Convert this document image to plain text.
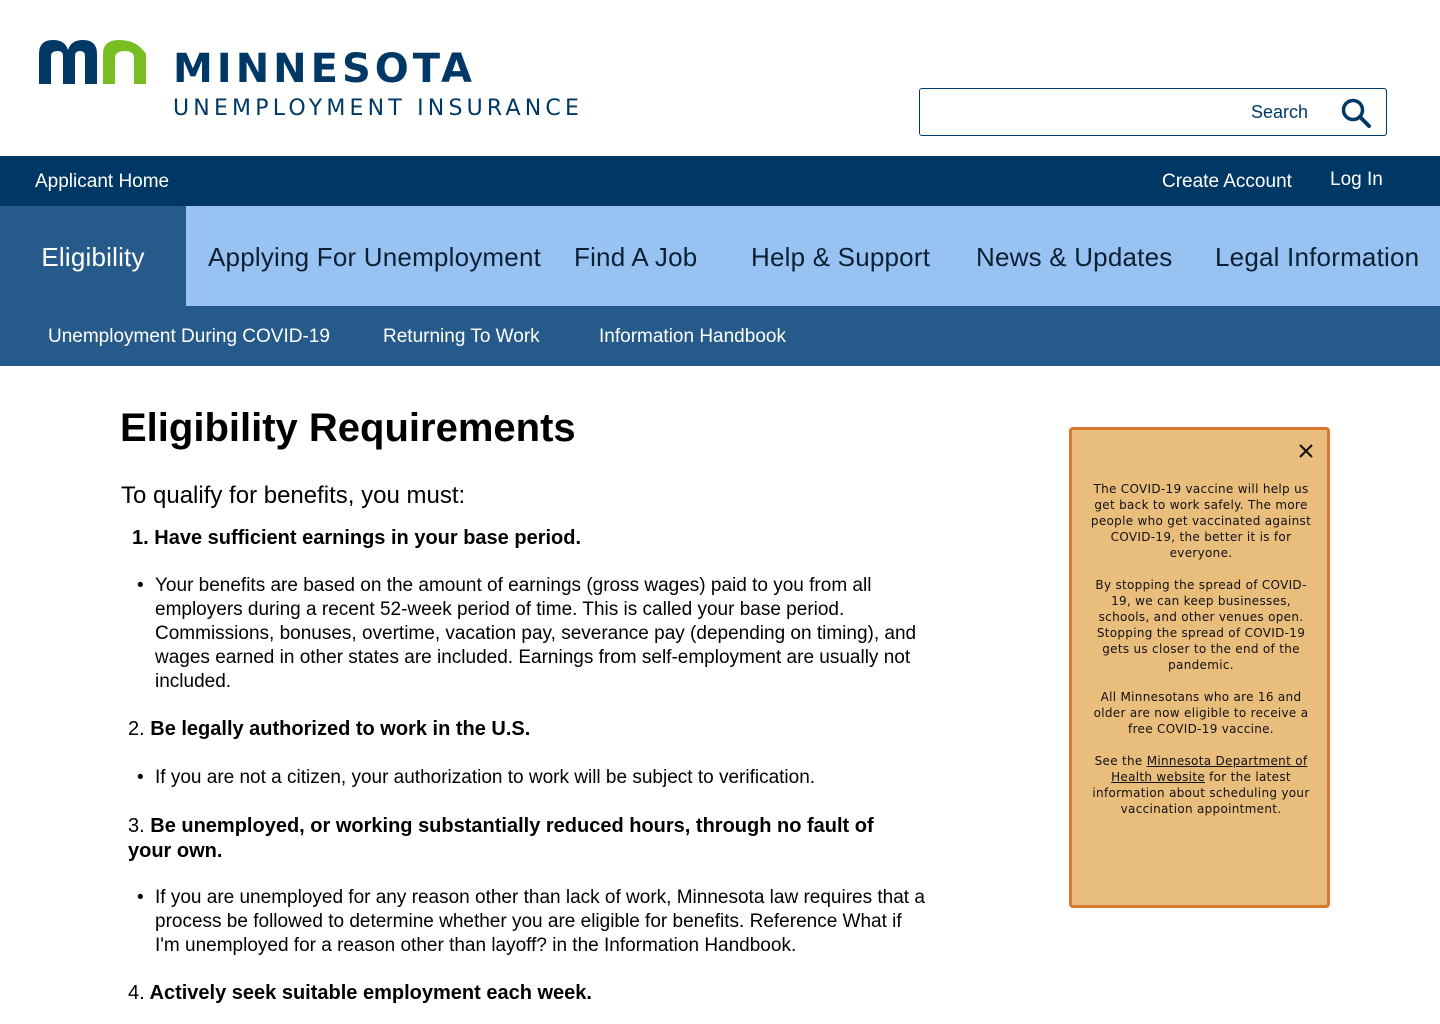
MINNESOTA
UNEMPLOYMENT INSURANCE
Search
Applicant Home	Create Account Log In
Eligibility	Applying For Unemployment Find A Job Help & Support News & Updates Legal Information
Unemployment During COVID-19	Returning To Work	Information Handbook
Eligibility Requirements
To qualify for benefits, you must:
1. Have sufficient earnings in your base period.
• Your benefits are based on the amount of earnings (gross wages) paid to you from all employers during a recent 52-week period of time. This is called your base period. Commissions, bonuses, overtime, vacation pay, severance pay (depending on timing), and wages earned in other states are included. Earnings from self-employment are usually not included.
2. Be legally authorized to work in the U.S.
• If you are not a citizen, your authorization to work will be subject to verification.
3. Be unemployed, or working substantially reduced hours, through no fault of your own.
• If you are unemployed for any reason other than lack of work, Minnesota law requires that a process be followed to determine whether you are eligible for benefits. Reference What if I'm unemployed for a reason other than layoff? in the Information Handbook.
4. Actively seek suitable employment each week.

The COVID-19 vaccine will help us get back to work safely. The more people who get vaccinated against COVID-19, the better it is for everyone.

By stopping the spread of COVID-19, we can keep businesses, schools, and other venues open. Stopping the spread of COVID-19 gets us closer to the end of the pandemic.

All Minnesotans who are 16 and older are now eligible to receive a free COVID-19 vaccine.

See the Minnesota Department of Health website for the latest information about scheduling your vaccination appointment.
